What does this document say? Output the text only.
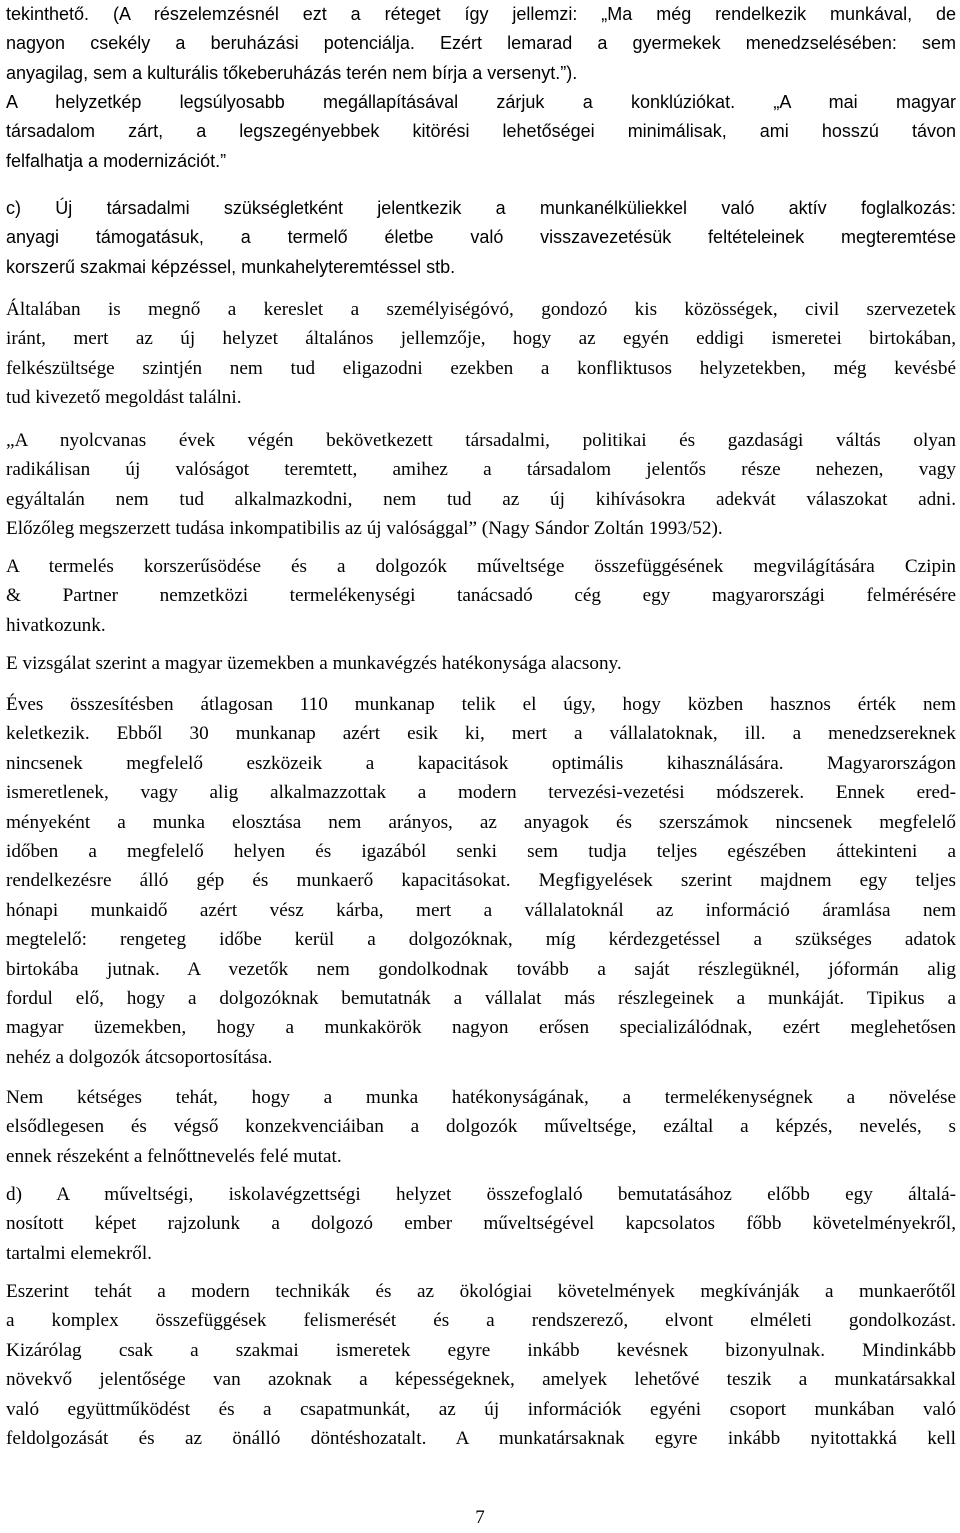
tekinthető. (A részelemzésnél ezt a réteget így jellemzi: „Ma még rendelkezik munkával, de
nagyon csekély a beruházási potenciálja. Ezért lemarad a gyermekek menedzselésében: sem
anyagilag, sem a kulturális tőkeberuházás terén nem bírja a versenyt.”).
A helyzetkép legsúlyosabb megállapításával zárjuk a konklúziókat. „A mai magyar
társadalom zárt, a legszegényebbek kitörési lehetőségei minimálisak, ami hosszú távon
felfalhatja a modernizációt.”
c) Új társadalmi szükségletként jelentkezik a munkanélküliekkel való aktív foglalkozás:
anyagi támogatásuk, a termelő életbe való visszavezetésük feltételeinek megteremtése
korszerű szakmai képzéssel, munkahelyteremtéssel stb.
Általában is megnő a kereslet a személyiségóvó, gondozó kis közösségek, civil szervezetek
iránt, mert az új helyzet általános jellemzője, hogy az egyén eddigi ismeretei birtokában,
felkészültsége szintjén nem tud eligazodni ezekben a konfliktusos helyzetekben, még kevésbé
tud kivezető megoldást találni.
„A nyolcvanas évek végén bekövetkezett társadalmi, politikai és gazdasági váltás olyan
radikálisan új valóságot teremtett, amihez a társadalom jelentős része nehezen, vagy
egyáltalán nem tud alkalmazkodni, nem tud az új kihívásokra adekvát válaszokat adni.
Előzőleg megszerzett tudása inkompatibilis az új valósággal” (Nagy Sándor Zoltán 1993/52).
A termelés korszerűsödése és a dolgozók műveltsége összefüggésének megvilágítására Czipin
& Partner nemzetközi termelékenységi tanácsadó cég egy magyarországi felmérésére
hivatkozunk.
E vizsgálat szerint a magyar üzemekben a munkavégzés hatékonysága alacsony.
Éves összesítésben átlagosan 110 munkanap telik el úgy, hogy közben hasznos érték nem
keletkezik. Ebből 30 munkanap azért esik ki, mert a vállalatoknak, ill. a menedzsereknek
nincsenek megfelelő eszközeik a kapacitások optimális kihasználására. Magyarországon
ismeretlenek, vagy alig alkalmazzottak a modern tervezési-vezetési módszerek. Ennek ered-
ményeként a munka elosztása nem arányos, az anyagok és szerszámok nincsenek megfelelő
időben a megfelelő helyen és igazából senki sem tudja teljes egészében áttekinteni a
rendelkezésre álló gép és munkaerő kapacitásokat. Megfigyelések szerint majdnem egy teljes
hónapi munkaidő azért vész kárba, mert a vállalatoknál az információ áramlása nem
megtelelő: rengeteg időbe kerül a dolgozóknak, míg kérdezgetéssel a szükséges adatok
birtokába jutnak. A vezetők nem gondolkodnak tovább a saját részlegüknél, jóformán alig
fordul elő, hogy a dolgozóknak bemutatnák a vállalat más részlegeinek a munkáját. Tipikus a
magyar üzemekben, hogy a munkakörök nagyon erősen specializálódnak, ezért meglehetősen
nehéz a dolgozók átcsoportosítása.
Nem kétséges tehát, hogy a munka hatékonyságának, a termelékenységnek a növelése
elsődlegesen és végső konzekvenciáiban a dolgozók műveltsége, ezáltal a képzés, nevelés, s
ennek részeként a felnőttnevelés felé mutat.
d) A műveltségi, iskolavégzettségi helyzet összefoglaló bemutatásához előbb egy általá-
nosított képet rajzolunk a dolgozó ember műveltségével kapcsolatos főbb követelményekről,
tartalmi elemekről.
Eszerint tehát a modern technikák és az ökológiai követelmények megkívánják a munkaerőtől
a komplex összefüggések felismerését és a rendszerező, elvont elméleti gondolkozást.
Kizárólag csak a szakmai ismeretek egyre inkább kevésnek bizonyulnak. Mindinkább
növekvő jelentősége van azoknak a képességeknek, amelyek lehetővé teszik a munkatársakkal
való együttműködést és a csapatmunkát, az új információk egyéni csoport munkában való
feldolgozását és az önálló döntéshozatalt. A munkatársaknak egyre inkább nyitottakká kell
7
